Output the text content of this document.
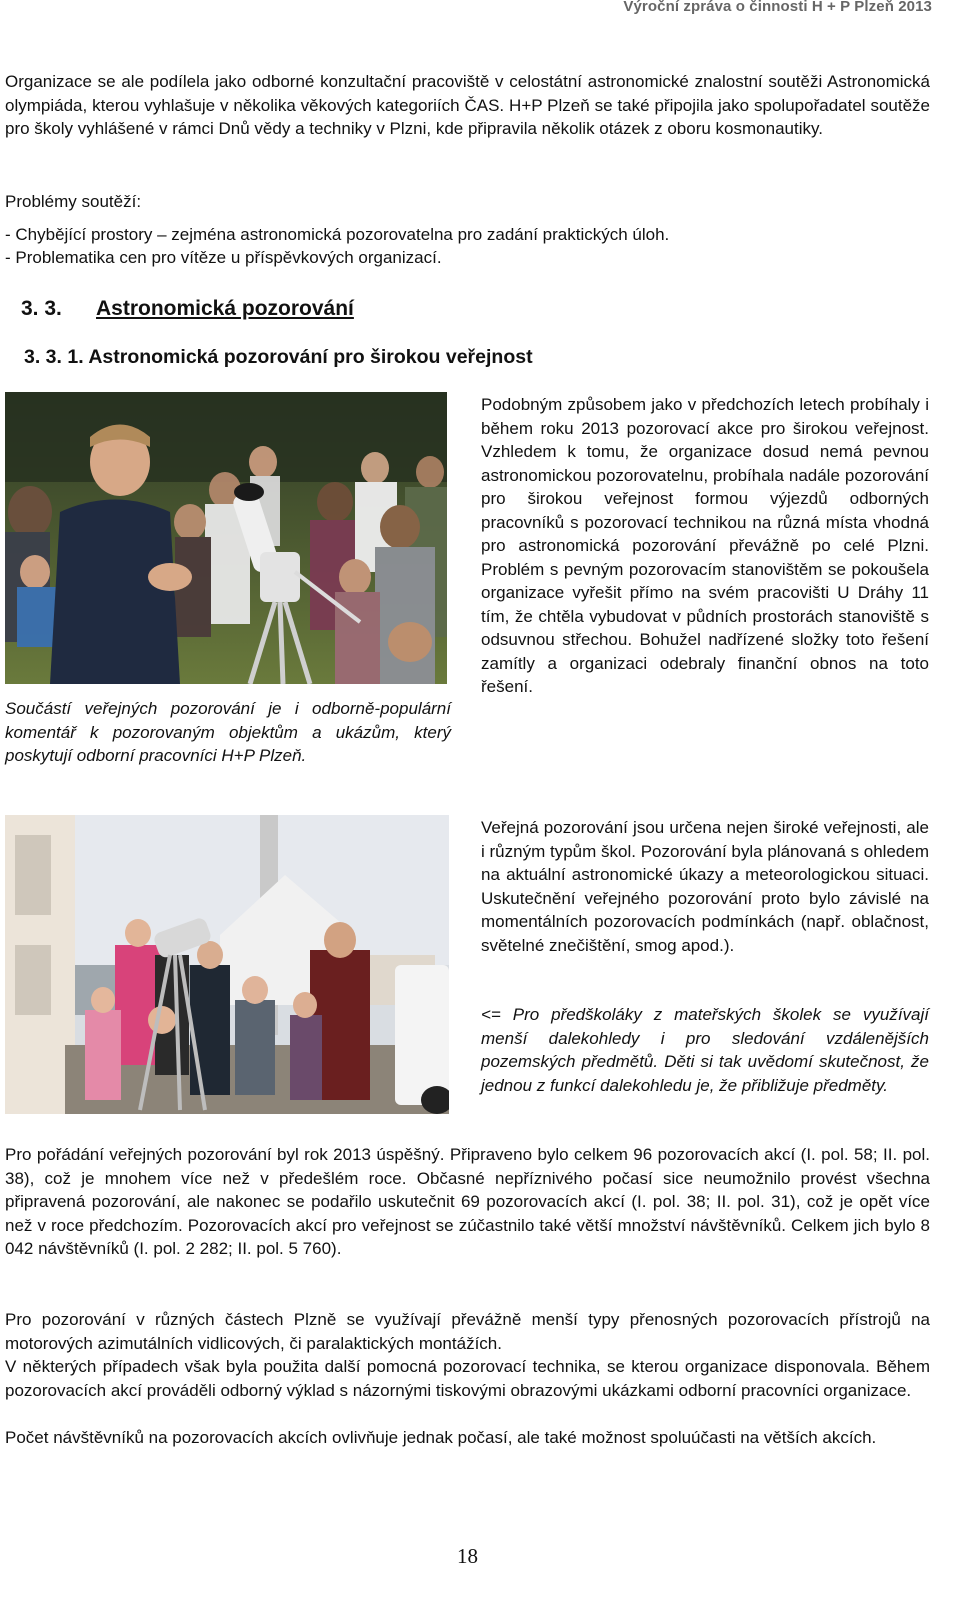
Výroční zpráva o činnosti H + P Plzeň 2013

Organizace se ale podílela jako odborné konzultační pracoviště v celostátní astronomické znalostní soutěži Astronomická olympiáda, kterou vyhlašuje v několika věkových kategoriích ČAS. H+P Plzeň se také připojila jako spolupořadatel soutěže pro školy vyhlášené v rámci Dnů vědy a techniky v Plzni, kde připravila několik otázek z oboru kosmonautiky.

Problémy soutěží:

- Chybějící prostory – zejména astronomická pozorovatelna pro zadání praktických úloh.

- Problematika cen pro vítěze u příspěvkových organizací.

3. 3. Astronomická pozorování
3. 3. 1. Astronomická pozorování pro širokou veřejnost
Součástí veřejných pozorování je i odborně-populární komentář k pozorovaným objektům a ukázům, který poskytují odborní pracovníci H+P Plzeň.

Podobným způsobem jako v předchozích letech probíhaly i během roku 2013 pozorovací akce pro širokou veřejnost. Vzhledem k tomu, že organizace dosud nemá pevnou astronomickou pozorovatelnu, probíhala nadále pozorování pro širokou veřejnost formou výjezdů odborných pracovníků s pozorovací technikou na různá místa vhodná pro astronomická pozorování převážně po celé Plzni. Problém s pevným pozorovacím stanovištěm se pokoušela organizace vyřešit přímo na svém pracovišti U Dráhy 11 tím, že chtěla vybudovat v půdních prostorách stanoviště s odsuvnou střechou. Bohužel nadřízené složky toto řešení zamítly a organizaci odebraly finanční obnos na toto řešení.

Veřejná pozorování jsou určena nejen široké veřejnosti, ale i různým typům škol. Pozorování byla plánovaná s ohledem na aktuální astronomické úkazy a meteorologickou situaci. Uskutečnění veřejného pozorování proto bylo závislé na momentálních pozorovacích podmínkách (např. oblačnost, světelné znečištění, smog apod.).

<= Pro předškoláky z mateřských školek se využívají menší dalekohledy i pro sledování vzdálenějších pozemských předmětů. Děti si tak uvědomí skutečnost, že jednou z funkcí dalekohledu je, že přibližuje předměty.

Pro pořádání veřejných pozorování byl rok 2013 úspěšný. Připraveno bylo celkem 96 pozorovacích akcí (I. pol. 58; II. pol. 38), což je mnohem více než v předešlém roce. Občasné nepříznivého počasí sice neumožnilo provést všechna připravená pozorování, ale nakonec se podařilo uskutečnit 69 pozorovacích akcí (I. pol. 38; II. pol. 31), což je opět více než v roce předchozím. Pozorovacích akcí pro veřejnost se zúčastnilo také větší množství návštěvníků. Celkem jich bylo 8 042 návštěvníků (I. pol. 2 282; II. pol. 5 760).

Pro pozorování v různých částech Plzně se využívají převážně menší typy přenosných pozorovacích přístrojů na motorových azimutálních vidlicových, či paralaktických montážích.

V některých případech však byla použita další pomocná pozorovací technika, se kterou organizace disponovala. Během pozorovacích akcí prováděli odborný výklad s názornými tiskovými obrazovými ukázkami odborní pracovníci organizace.

Počet návštěvníků na pozorovacích akcích ovlivňuje jednak počasí, ale také možnost spoluúčasti na větších akcích.

18
